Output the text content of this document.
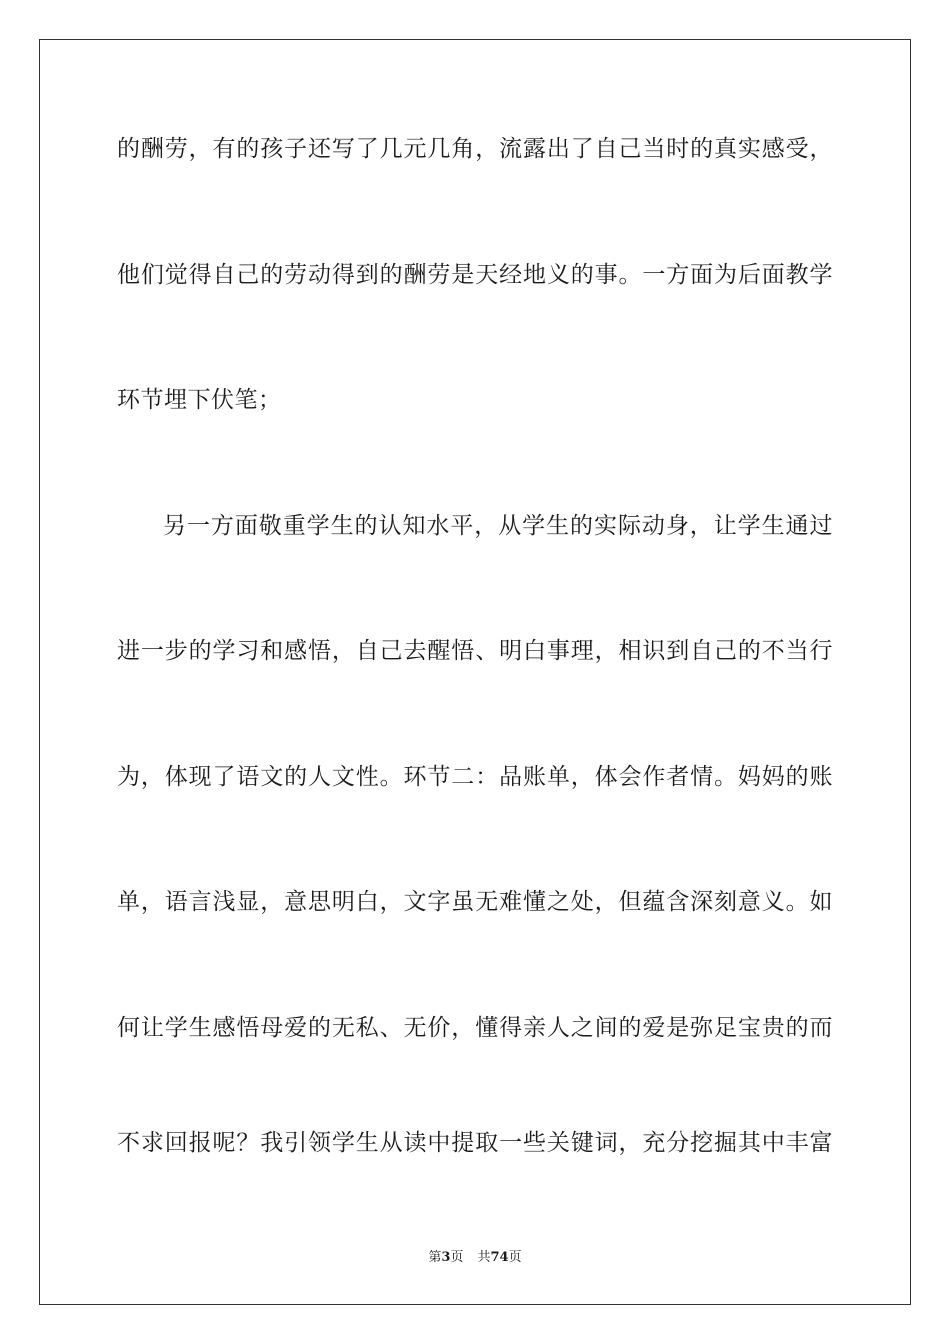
的酬劳，有的孩子还写了几元几角，流露出了自己当时的真实感受，
他们觉得自己的劳动得到的酬劳是天经地义的事。一方面为后面教学
环节埋下伏笔；
另一方面敬重学生的认知水平，从学生的实际动身，让学生通过
进一步的学习和感悟，自己去醒悟、明白事理，相识到自己的不当行
为，体现了语文的人文性。环节二：品账单，体会作者情。妈妈的账
单，语言浅显，意思明白，文字虽无难懂之处，但蕴含深刻意义。如
何让学生感悟母爱的无私、无价，懂得亲人之间的爱是弥足宝贵的而
不求回报呢？我引领学生从读中提取一些关键词，充分挖掘其中丰富
第3页 共74页
